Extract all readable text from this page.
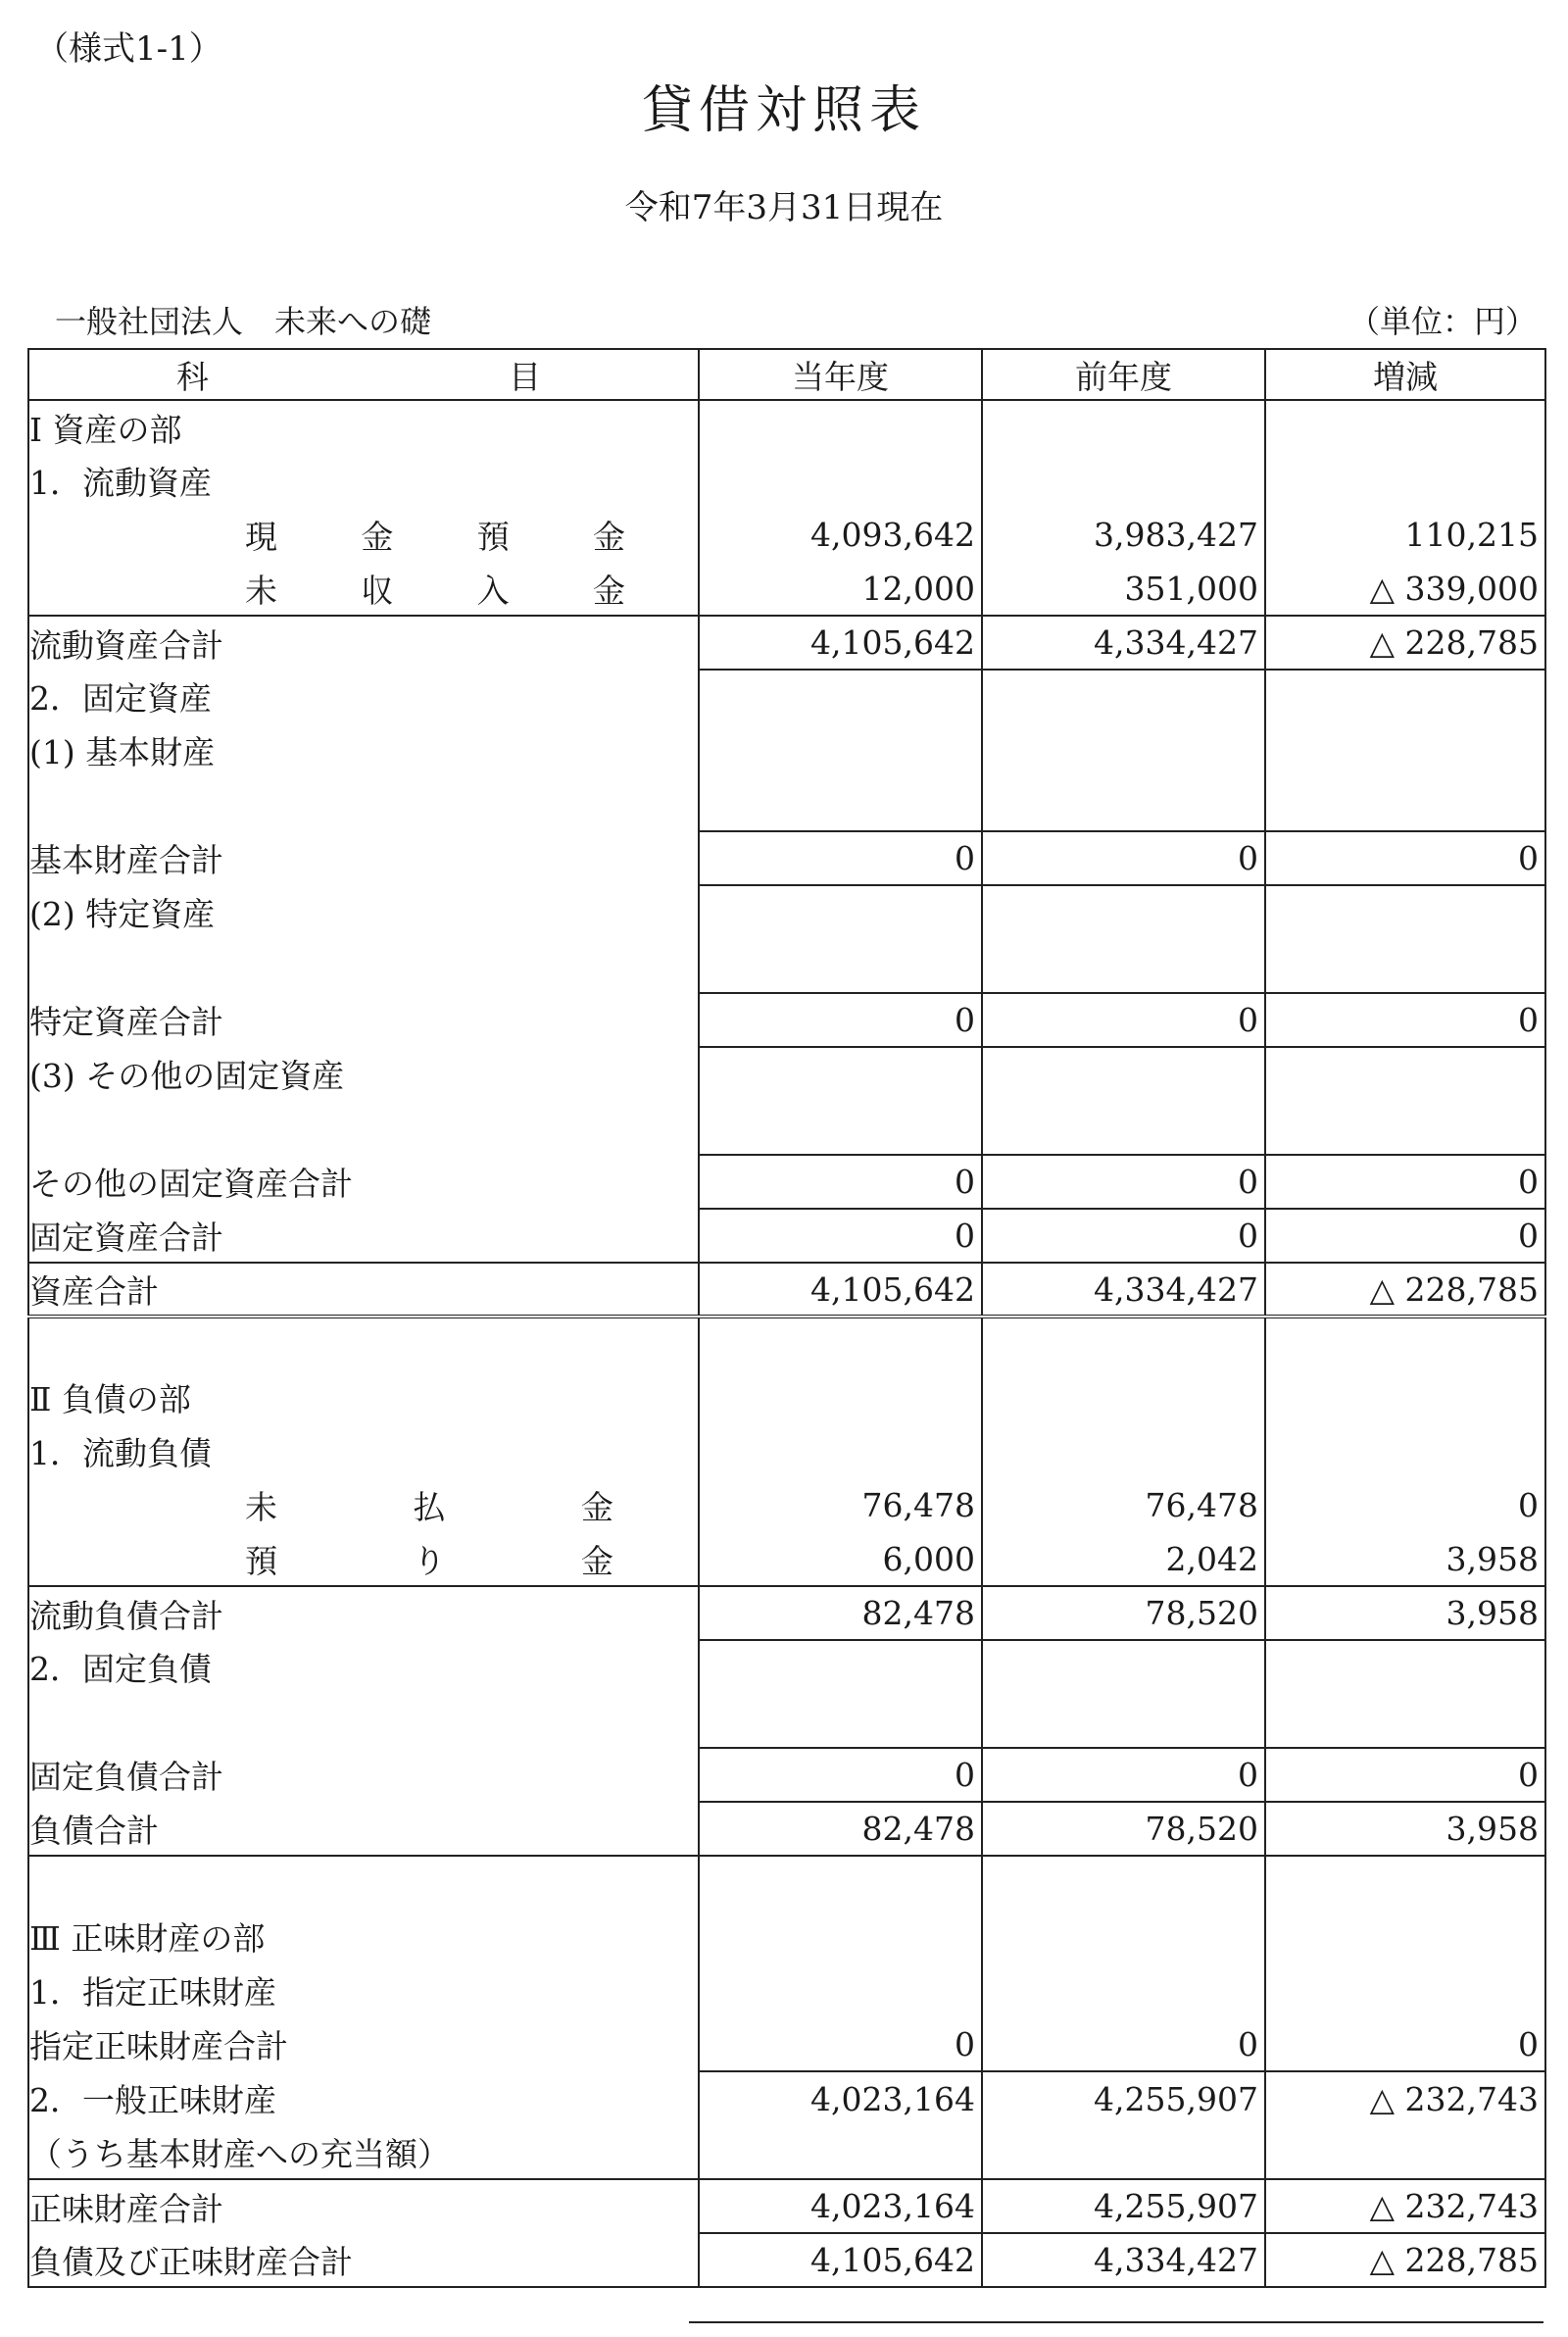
（様式1-1）
貸借対照表
令和7年3月31日現在
一般社団法人　未来への礎	（単位：円）
科 目	当年度	前年度	増減
Ⅰ 資産の部			
1．流動資産			

現 金 預 金	4,093,642	3,983,427	110,215

未 収 入 金	12,000	351,000	△ 339,000
流動資産合計	4,105,642	4,334,427	△ 228,785
2．固定資産			
(1) 基本財産			

基本財産合計	0	0	0
(2) 特定資産			

特定資産合計	0	0	0
(3) その他の固定資産			

その他の固定資産合計	0	0	0
固定資産合計	0	0	0
資産合計	4,105,642	4,334,427	△ 228,785

Ⅱ 負債の部			
1．流動負債			

未 払 金	76,478	76,478	0

預 り 金	6,000	2,042	3,958
流動負債合計	82,478	78,520	3,958
2．固定負債			

固定負債合計	0	0	0
負債合計	82,478	78,520	3,958

Ⅲ 正味財産の部			
1．指定正味財産			
指定正味財産合計	0	0	0
2．一般正味財産	4,023,164	4,255,907	△ 232,743
（うち基本財産への充当額）			
正味財産合計	4,023,164	4,255,907	△ 232,743
負債及び正味財産合計	4,105,642	4,334,427	△ 228,785
